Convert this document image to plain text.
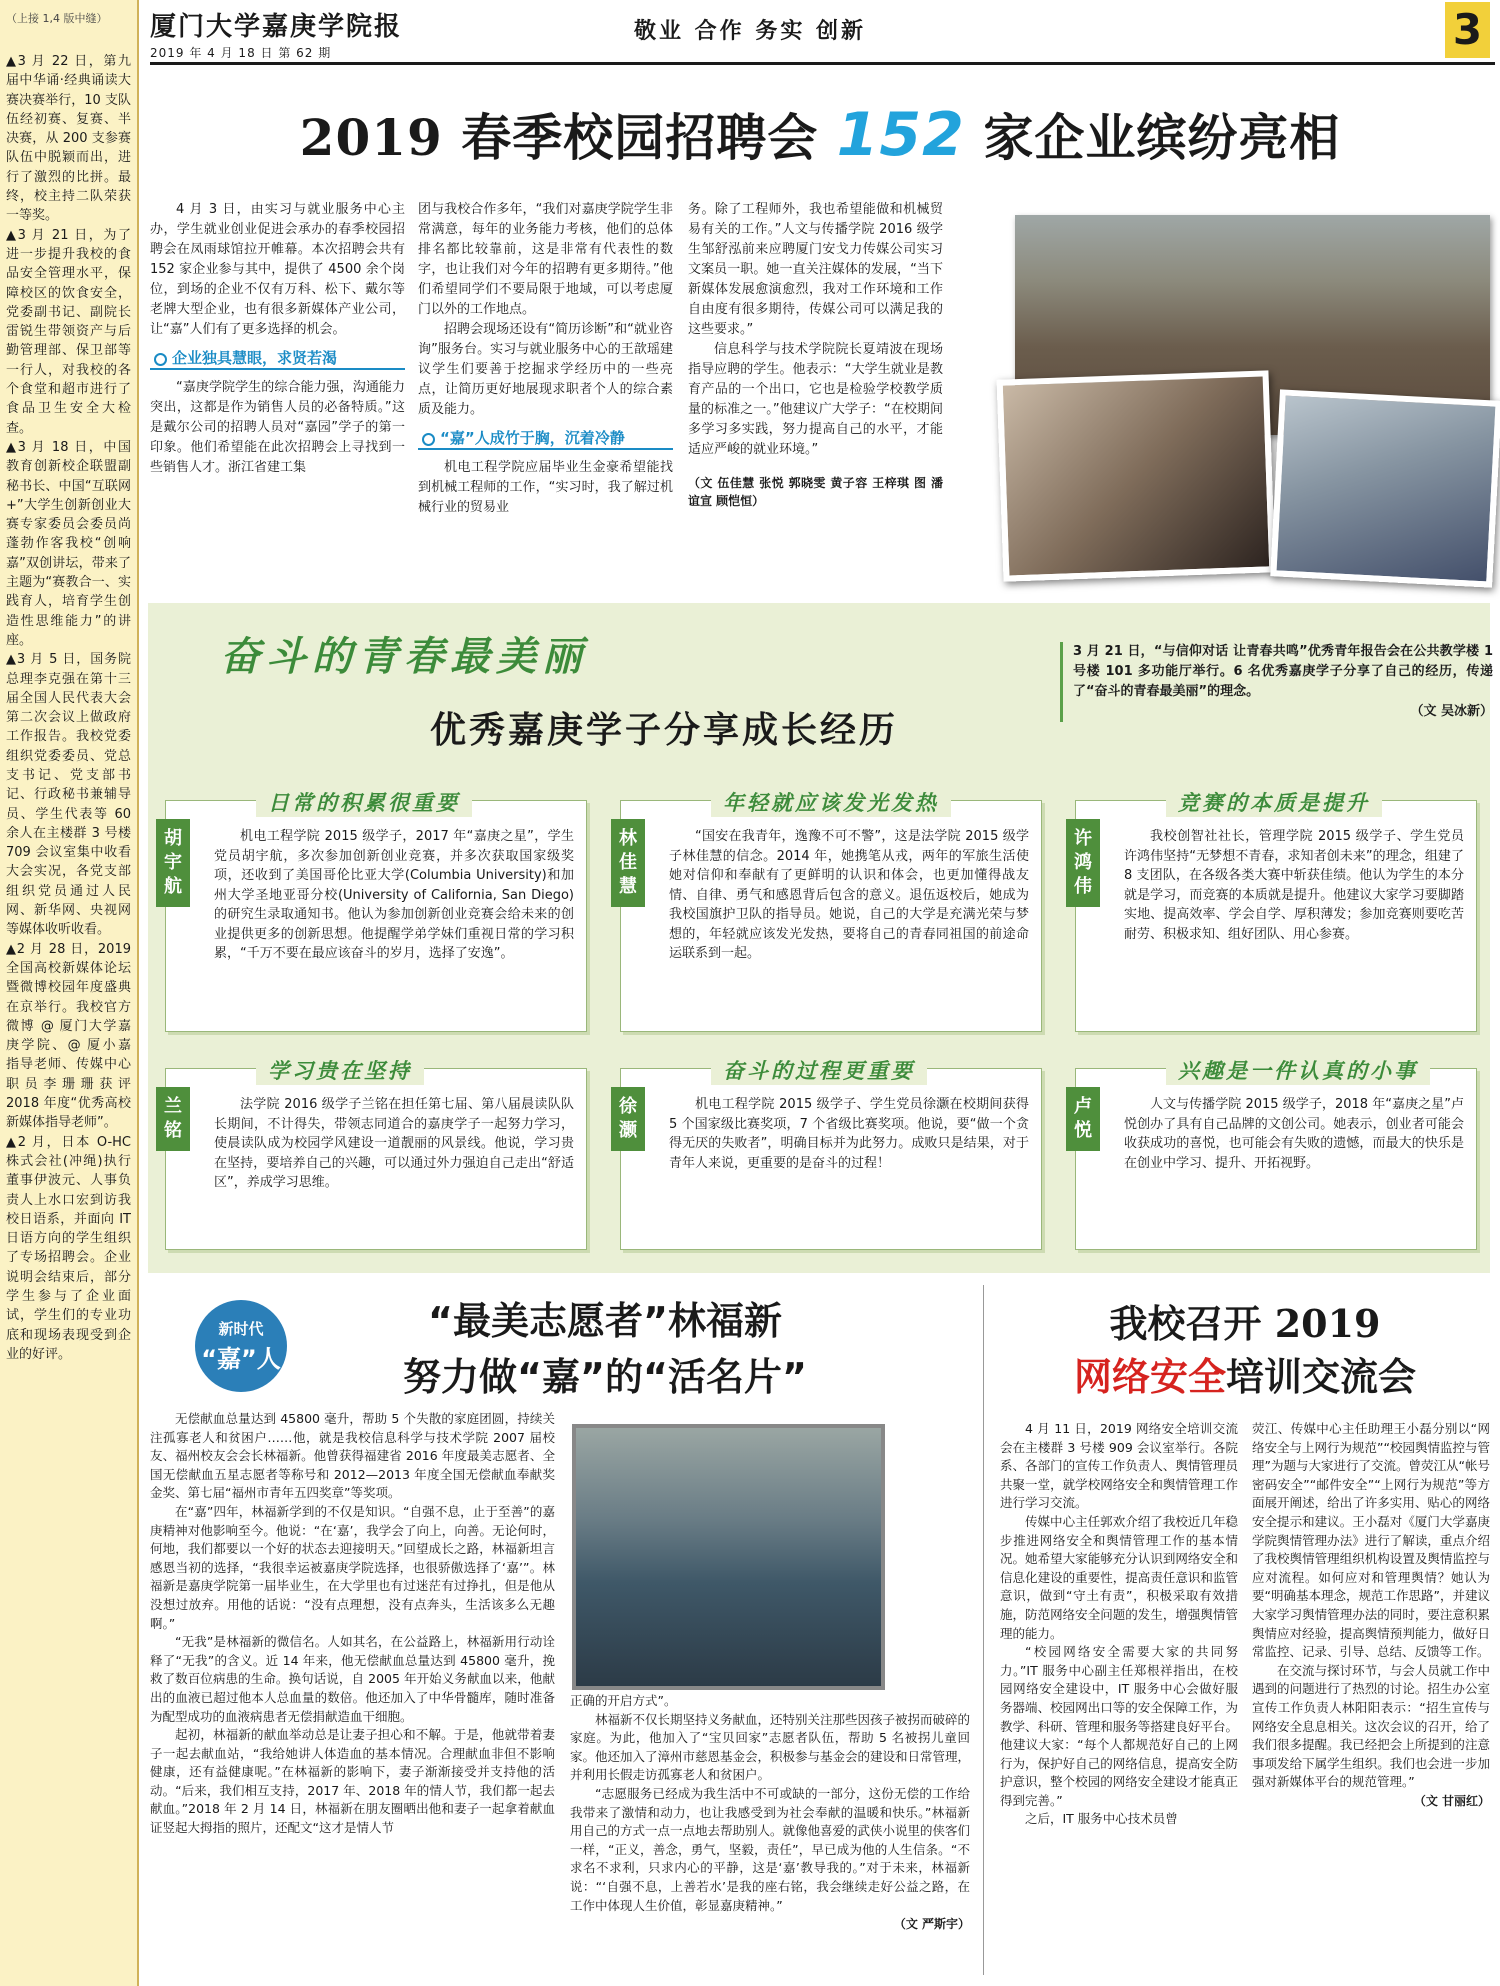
（上接 1,4 版中缝）

▲3 月 22 日，第九届中华诵·经典诵读大赛决赛举行，10 支队伍经初赛、复赛、半决赛，从 200 支参赛队伍中脱颖而出，进行了激烈的比拼。最终，校主持二队荣获一等奖。

▲3 月 21 日，为了进一步提升我校的食品安全管理水平，保障校区的饮食安全，党委副书记、副院长雷锐生带领资产与后勤管理部、保卫部等一行人，对我校的各个食堂和超市进行了食品卫生安全大检查。

▲3 月 18 日，中国教育创新校企联盟副秘书长、中国“互联网+”大学生创新创业大赛专家委员会委员尚蓬勃作客我校“创响嘉”双创讲坛，带来了主题为“赛教合一、实践育人，培育学生创造性思维能力”的讲座。

▲3 月 5 日，国务院总理李克强在第十三届全国人民代表大会第二次会议上做政府工作报告。我校党委组织党委委员、党总支书记、党支部书记、行政秘书兼辅导员、学生代表等 60 余人在主楼群 3 号楼 709 会议室集中收看大会实况，各党支部组织党员通过人民网、新华网、央视网等媒体收听收看。

▲2 月 28 日，2019 全国高校新媒体论坛暨微博校园年度盛典在京举行。我校官方微博 @ 厦门大学嘉庚学院、@ 厦小嘉 指导老师、传媒中心职员李珊珊获评 2018 年度“优秀高校新媒体指导老师”。

▲2 月，日本 O-HC 株式会社(冲绳)执行董事伊波元、人事负责人上水口宏到访我校日语系，并面向 IT 日语方向的学生组织了专场招聘会。企业说明会结束后，部分学生参与了企业面试，学生们的专业功底和现场表现受到企业的好评。

厦门大学嘉庚学院报
2019 年 4 月 18 日 第 62 期
敬业 合作 务实 创新	3
2019 春季校园招聘会 152 家企业缤纷亮相

4 月 3 日，由实习与就业服务中心主办，学生就业创业促进会承办的春季校园招聘会在凤雨球馆拉开帷幕。本次招聘会共有 152 家企业参与其中，提供了 4500 余个岗位，到场的企业不仅有万科、松下、戴尔等老牌大型企业，也有很多新媒体产业公司，让“嘉”人们有了更多选择的机会。

企业独具慧眼，求贤若渴

“嘉庚学院学生的综合能力强，沟通能力突出，这都是作为销售人员的必备特质。”这是戴尔公司的招聘人员对“嘉园”学子的第一印象。他们希望能在此次招聘会上寻找到一些销售人才。浙江省建工集

团与我校合作多年，“我们对嘉庚学院学生非常满意，每年的业务能力考核，他们的总体排名都比较靠前，这是非常有代表性的数字，也让我们对今年的招聘有更多期待。”他们希望同学们不要局限于地域，可以考虑厦门以外的工作地点。

招聘会现场还设有“简历诊断”和“就业咨询”服务台。实习与就业服务中心的王歆瑶建议学生们要善于挖掘求学经历中的一些亮点，让简历更好地展现求职者个人的综合素质及能力。

“嘉”人成竹于胸，沉着冷静

机电工程学院应届毕业生金豪希望能找到机械工程师的工作，“实习时，我了解过机械行业的贸易业

务。除了工程师外，我也希望能做和机械贸易有关的工作。”人文与传播学院 2016 级学生邹舒泓前来应聘厦门安戈力传媒公司实习文案员一职。她一直关注媒体的发展，“当下新媒体发展愈演愈烈，我对工作环境和工作自由度有很多期待，传媒公司可以满足我的这些要求。”

信息科学与技术学院院长夏靖波在现场指导应聘的学生。他表示：“大学生就业是教育产品的一个出口，它也是检验学校教学质量的标准之一。”他建议广大学子：“在校期间多学习多实践，努力提高自己的水平，才能适应严峻的就业环境。”

（文 伍佳慧 张悦 郭晓雯 黄子容 王梓琪 图 潘谊宣 顾恺恒）
奋斗的青春最美丽
优秀嘉庚学子分享成长经历
3 月 21 日，“与信仰对话 让青春共鸣”优秀青年报告会在公共教学楼 1 号楼 101 多功能厅举行。6 名优秀嘉庚学子分享了自己的经历，传递了“奋斗的青春最美丽”的理念。
（文 吴冰新）
胡宇航
日常的积累很重要

机电工程学院 2015 级学子，2017 年“嘉庚之星”，学生党员胡宇航，多次参加创新创业竞赛，并多次获取国家级奖项，还收到了美国哥伦比亚大学(Columbia University)和加州大学圣地亚哥分校(University of California, San Diego)的研究生录取通知书。他认为参加创新创业竞赛会给未来的创业提供更多的创新思想。他提醒学弟学妹们重视日常的学习积累，“千万不要在最应该奋斗的岁月，选择了安逸”。

林佳慧
年轻就应该发光发热

“国安在我青年，逸豫不可不警”，这是法学院 2015 级学子林佳慧的信念。2014 年，她携笔从戎，两年的军旅生活使她对信仰和奉献有了更鲜明的认识和体会，也更加懂得战友情、自律、勇气和感恩背后包含的意义。退伍返校后，她成为我校国旗护卫队的指导员。她说，自己的大学是充满光荣与梦想的，年轻就应该发光发热，要将自己的青春同祖国的前途命运联系到一起。

许鸿伟
竞赛的本质是提升

我校创智社社长，管理学院 2015 级学子、学生党员许鸿伟坚持“无梦想不青春，求知者创未来”的理念，组建了 8 支团队，在各级各类大赛中斩获佳绩。他认为学生的本分就是学习，而竞赛的本质就是提升。他建议大家学习要脚踏实地、提高效率、学会自学、厚积薄发；参加竞赛则要吃苦耐劳、积极求知、组好团队、用心参赛。

兰铭
学习贵在坚持

法学院 2016 级学子兰铭在担任第七届、第八届晨读队队长期间，不计得失，带领志同道合的嘉庚学子一起努力学习，使晨读队成为校园学风建设一道靓丽的风景线。他说，学习贵在坚持，要培养自己的兴趣，可以通过外力强迫自己走出“舒适区”，养成学习思维。

徐灏
奋斗的过程更重要

机电工程学院 2015 级学子、学生党员徐灏在校期间获得 5 个国家级比赛奖项，7 个省级比赛奖项。他说，要“做一个贪得无厌的失败者”，明确目标并为此努力。成败只是结果，对于青年人来说，更重要的是奋斗的过程！

卢悦
兴趣是一件认真的小事

人文与传播学院 2015 级学子，2018 年“嘉庚之星”卢悦创办了具有自己品牌的文创公司。她表示，创业者可能会收获成功的喜悦，也可能会有失败的遗憾，而最大的快乐是在创业中学习、提升、开拓视野。

新时代
“嘉”人
“最美志愿者”林福新
努力做“嘉”的“活名片”

无偿献血总量达到 45800 毫升，帮助 5 个失散的家庭团圆，持续关注孤寡老人和贫困户……他，就是我校信息科学与技术学院 2007 届校友、福州校友会会长林福新。他曾获得福建省 2016 年度最美志愿者、全国无偿献血五星志愿者等称号和 2012—2013 年度全国无偿献血奉献奖金奖、第七届“福州市青年五四奖章”等奖项。

在“嘉”四年，林福新学到的不仅是知识。“自强不息，止于至善”的嘉庚精神对他影响至今。他说：“在‘嘉’，我学会了向上，向善。无论何时，何地，我们都要以一个好的状态去迎接明天。”回望成长之路，林福新坦言感恩当初的选择，“我很幸运被嘉庚学院选择，也很骄傲选择了‘嘉’”。林福新是嘉庚学院第一届毕业生，在大学里也有过迷茫有过挣扎，但是他从没想过放弃。用他的话说：“没有点理想，没有点奔头，生活该多么无趣啊。”

“无我”是林福新的微信名。人如其名，在公益路上，林福新用行动诠释了“无我”的含义。近 14 年来，他无偿献血总量达到 45800 毫升，挽救了数百位病患的生命。换句话说，自 2005 年开始义务献血以来，他献出的血液已超过他本人总血量的数倍。他还加入了中华骨髓库，随时准备为配型成功的血液病患者无偿捐献造血干细胞。

起初，林福新的献血举动总是让妻子担心和不解。于是，他就带着妻子一起去献血站，“我给她讲人体造血的基本情况。合理献血非但不影响健康，还有益健康呢。”在林福新的影响下，妻子渐渐接受并支持他的活动。“后来，我们相互支持，2017 年、2018 年的情人节，我们都一起去献血。”2018 年 2 月 14 日，林福新在朋友圈晒出他和妻子一起拿着献血证竖起大拇指的照片，还配文“这才是情人节

正确的开启方式”。

林福新不仅长期坚持义务献血，还特别关注那些因孩子被拐而破碎的家庭。为此，他加入了“宝贝回家”志愿者队伍，帮助 5 名被拐儿童回家。他还加入了漳州市慈恩基金会，积极参与基金会的建设和日常管理，并利用长假走访孤寡老人和贫困户。

“志愿服务已经成为我生活中不可或缺的一部分，这份无偿的工作给我带来了激情和动力，也让我感受到为社会奉献的温暖和快乐。”林福新用自己的方式一点一点地去帮助别人。就像他喜爱的武侠小说里的侠客们一样，“正义，善念，勇气，坚毅，责任”，早已成为他的人生信条。“不求名不求利，只求内心的平静，这是‘嘉’教导我的。”对于未来，林福新说：“‘自强不息，上善若水’是我的座右铭，我会继续走好公益之路，在工作中体现人生价值，彰显嘉庚精神。”

（文 严斯宇）
我校召开 2019
网络安全培训交流会

4 月 11 日，2019 网络安全培训交流会在主楼群 3 号楼 909 会议室举行。各院系、各部门的宣传工作负责人、舆情管理员共聚一堂，就学校网络安全和舆情管理工作进行学习交流。

传媒中心主任郭欢介绍了我校近几年稳步推进网络安全和舆情管理工作的基本情况。她希望大家能够充分认识到网络安全和信息化建设的重要性，提高责任意识和监管意识，做到“守土有责”，积极采取有效措施，防范网络安全问题的发生，增强舆情管理的能力。

“校园网络安全需要大家的共同努力。”IT 服务中心副主任郑根祥指出，在校园网络安全建设中，IT 服务中心会做好服务器端、校园网出口等的安全保障工作，为教学、科研、管理和服务等搭建良好平台。他建议大家：“每个人都规范好自己的上网行为，保护好自己的网络信息，提高安全防护意识，整个校园的网络安全建设才能真正得到完善。”

之后，IT 服务中心技术员曾

荧江、传媒中心主任助理王小磊分别以“网络安全与上网行为规范”“校园舆情监控与管理”为题与大家进行了交流。曾荧江从“帐号密码安全”“邮件安全”“上网行为规范”等方面展开阐述，给出了许多实用、贴心的网络安全提示和建议。王小磊对《厦门大学嘉庚学院舆情管理办法》进行了解读，重点介绍了我校舆情管理组织机构设置及舆情监控与应对流程。如何应对和管理舆情？她认为要“明确基本理念，规范工作思路”，并建议大家学习舆情管理办法的同时，要注意积累舆情应对经验，提高舆情预判能力，做好日常监控、记录、引导、总结、反馈等工作。

在交流与探讨环节，与会人员就工作中遇到的问题进行了热烈的讨论。招生办公室宣传工作负责人林阳阳表示：“招生宣传与网络安全息息相关。这次会议的召开，给了我们很多提醒。我已经把会上所提到的注意事项发给下属学生组织。我们也会进一步加强对新媒体平台的规范管理。”

（文 甘丽红）
